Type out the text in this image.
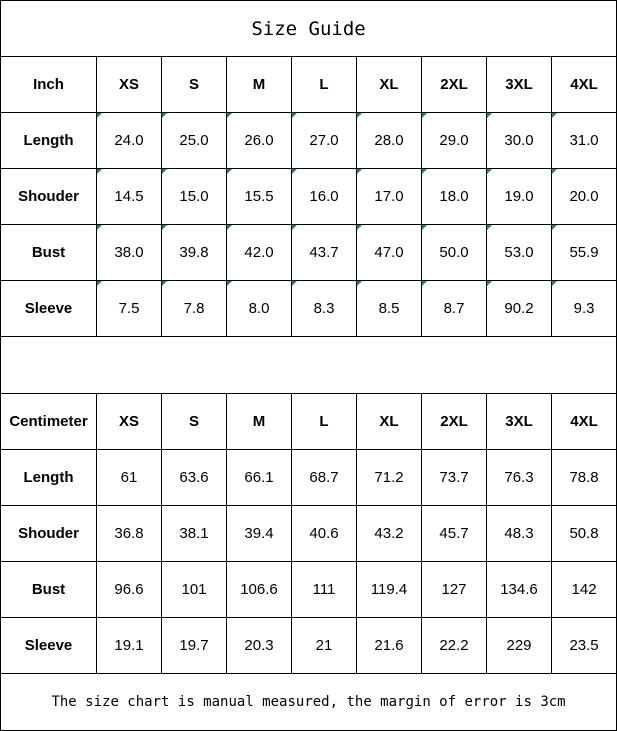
Size Guide								
Inch	XS	S	M	L	XL	2XL	3XL	4XL
Length	24.0	25.0	26.0	27.0	28.0	29.0	30.0	31.0
Shouder	14.5	15.0	15.5	16.0	17.0	18.0	19.0	20.0
Bust	38.0	39.8	42.0	43.7	47.0	50.0	53.0	55.9
Sleeve	7.5	7.8	8.0	8.3	8.5	8.7	90.2	9.3

Centimeter	XS	S	M	L	XL	2XL	3XL	4XL
Length	61	63.6	66.1	68.7	71.2	73.7	76.3	78.8
Shouder	36.8	38.1	39.4	40.6	43.2	45.7	48.3	50.8
Bust	96.6	101	106.6	111	119.4	127	134.6	142
Sleeve	19.1	19.7	20.3	21	21.6	22.2	229	23.5
The size chart is manual measured, the margin of error is 3cm								
